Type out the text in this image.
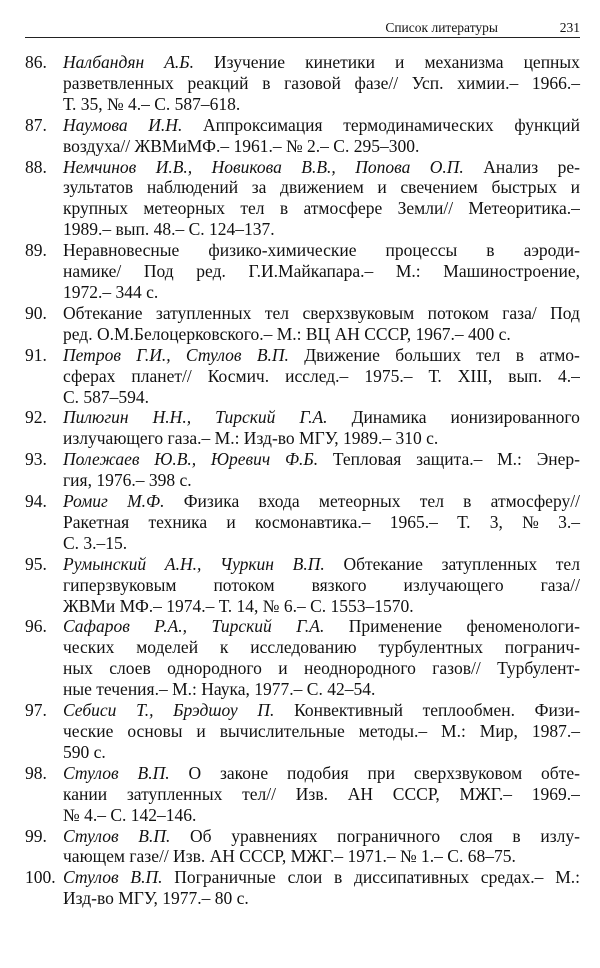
Список литературы	231
86. Налбандян А.Б. Изучение кинетики и механизма цепных
разветвленных реакций в газовой фазе// Усп. химии.– 1966.–
Т. 35, № 4.– С. 587–618.
87. Наумова И.Н. Аппроксимация термодинамических функций
воздуха// ЖВМиМФ.– 1961.– № 2.– С. 295–300.
88. Немчинов И.В., Новикова В.В., Попова О.П. Анализ ре-
зультатов наблюдений за движением и свечением быстрых и
крупных метеорных тел в атмосфере Земли// Метеоритика.–
1989.– вып. 48.– С. 124–137.
89. Неравновесные физико-химические процессы в аэроди-
намике/ Под ред. Г.И.Майкапара.– М.: Машиностроение,
1972.– 344 с.
90. Обтекание затупленных тел сверхзвуковым потоком газа/ Под
ред. О.М.Белоцерковского.– М.: ВЦ АН СССР, 1967.– 400 с.
91. Петров Г.И., Стулов В.П. Движение больших тел в атмо-
сферах планет// Космич. исслед.– 1975.– Т. XIII, вып. 4.–
С. 587–594.
92. Пилюгин Н.Н., Тирский Г.А. Динамика ионизированного
излучающего газа.– М.: Изд-во МГУ, 1989.– 310 с.
93. Полежаев Ю.В., Юревич Ф.Б. Тепловая защита.– М.: Энер-
гия, 1976.– 398 с.
94. Ромиг М.Ф. Физика входа метеорных тел в атмосферу//
Ракетная техника и космонавтика.– 1965.– Т. 3, № 3.–
С. 3.–15.
95. Румынский А.Н., Чуркин В.П. Обтекание затупленных тел
гиперзвуковым потоком вязкого излучающего газа//
ЖВМи МФ.– 1974.– Т. 14, № 6.– С. 1553–1570.
96. Сафаров Р.А., Тирский Г.А. Применение феноменологи-
ческих моделей к исследованию турбулентных погранич-
ных слоев однородного и неоднородного газов// Турбулент-
ные течения.– М.: Наука, 1977.– С. 42–54.
97. Себиси Т., Брэдшоу П. Конвективный теплообмен. Физи-
ческие основы и вычислительные методы.– М.: Мир, 1987.–
590 с.
98. Стулов В.П. О законе подобия при сверхзвуковом обте-
кании затупленных тел// Изв. АН СССР, МЖГ.– 1969.–
№ 4.– С. 142–146.
99. Стулов В.П. Об уравнениях пограничного слоя в излу-
чающем газе// Изв. АН СССР, МЖГ.– 1971.– № 1.– С. 68–75.
100. Стулов В.П. Пограничные слои в диссипативных средах.– М.:
Изд-во МГУ, 1977.– 80 с.
